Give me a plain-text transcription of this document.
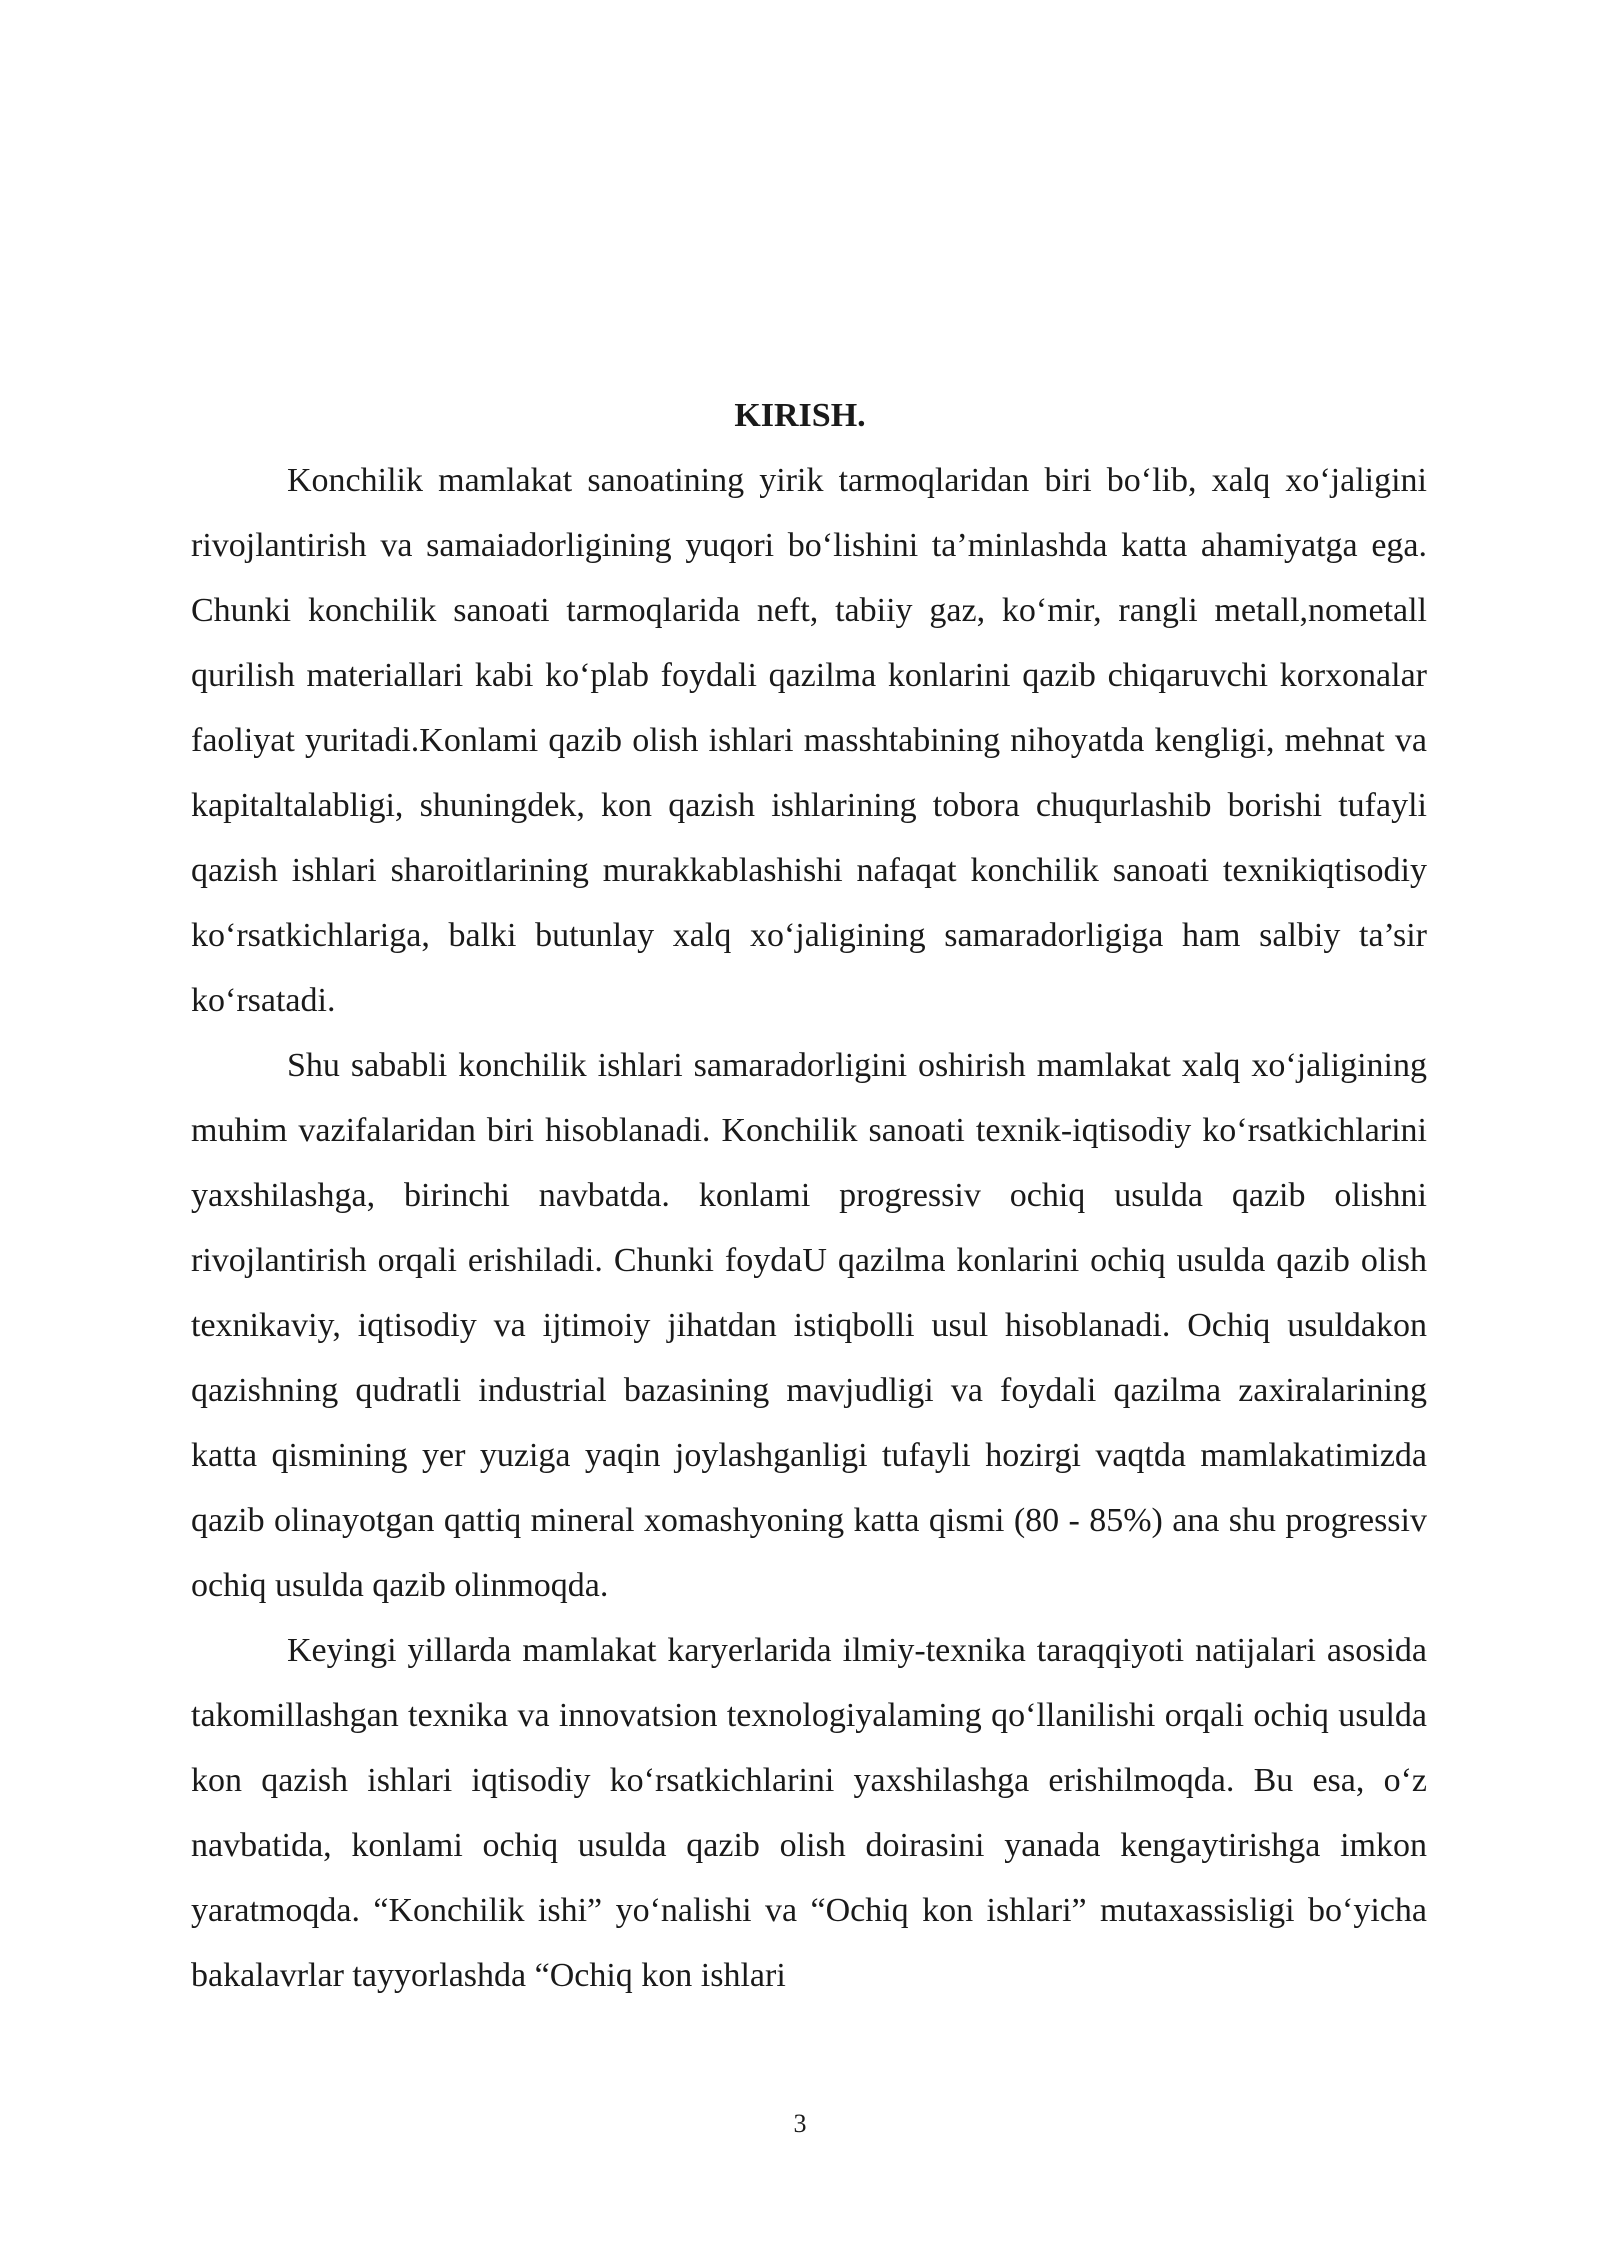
KIRISH.

Konchilik mamlakat sanoatining yirik tarmoqlaridan biri bo‘lib, xalq xo‘jaligini rivojlantirish va samaiadorligining yuqori bo‘lishini ta’minlashda katta ahamiyatga ega. Chunki konchilik sanoati tarmoqlarida neft, tabiiy gaz, ko‘mir, rangli metall,nometall qurilish materiallari kabi ko‘plab foydali qazilma konlarini qazib chiqaruvchi korxonalar faoliyat yuritadi.Konlami qazib olish ishlari masshtabining nihoyatda kengligi, mehnat va kapitaltalabligi, shuningdek, kon qazish ishlarining tobora chuqurlashib borishi tufayli qazish ishlari sharoitlarining murakkablashishi nafaqat konchilik sanoati texnikiqtisodiy ko‘rsatkichlariga, balki butunlay xalq xo‘jaligining samaradorligiga ham salbiy ta’sir ko‘rsatadi.

Shu sababli konchilik ishlari samaradorligini oshirish mamlakat xalq xo‘jaligining muhim vazifalaridan biri hisoblanadi. Konchilik sanoati texnik-iqtisodiy ko‘rsatkichlarini yaxshilashga, birinchi navbatda. konlami progressiv ochiq usulda qazib olishni rivojlantirish orqali erishiladi. Chunki foydaU qazilma konlarini ochiq usulda qazib olish texnikaviy, iqtisodiy va ijtimoiy jihatdan istiqbolli usul hisoblanadi. Ochiq usuldakon qazishning qudratli industrial bazasining mavjudligi va foydali qazilma zaxiralarining katta qismining yer yuziga yaqin joylashganligi tufayli hozirgi vaqtda mamlakatimizda qazib olinayotgan qattiq mineral xomashyoning katta qismi (80 - 85%) ana shu progressiv ochiq usulda qazib olinmoqda.

Keyingi yillarda mamlakat karyerlarida ilmiy-texnika taraqqiyoti natijalari asosida takomillashgan texnika va innovatsion texnologiyalaming qo‘llanilishi orqali ochiq usulda kon qazish ishlari iqtisodiy ko‘rsatkichlarini yaxshilashga erishilmoqda. Bu esa, o‘z navbatida, konlami ochiq usulda qazib olish doirasini yanada kengaytirishga imkon yaratmoqda. “Konchilik ishi” yo‘nalishi va “Ochiq kon ishlari” mutaxassisligi bo‘yicha bakalavrlar tayyorlashda “Ochiq kon ishlari

3
